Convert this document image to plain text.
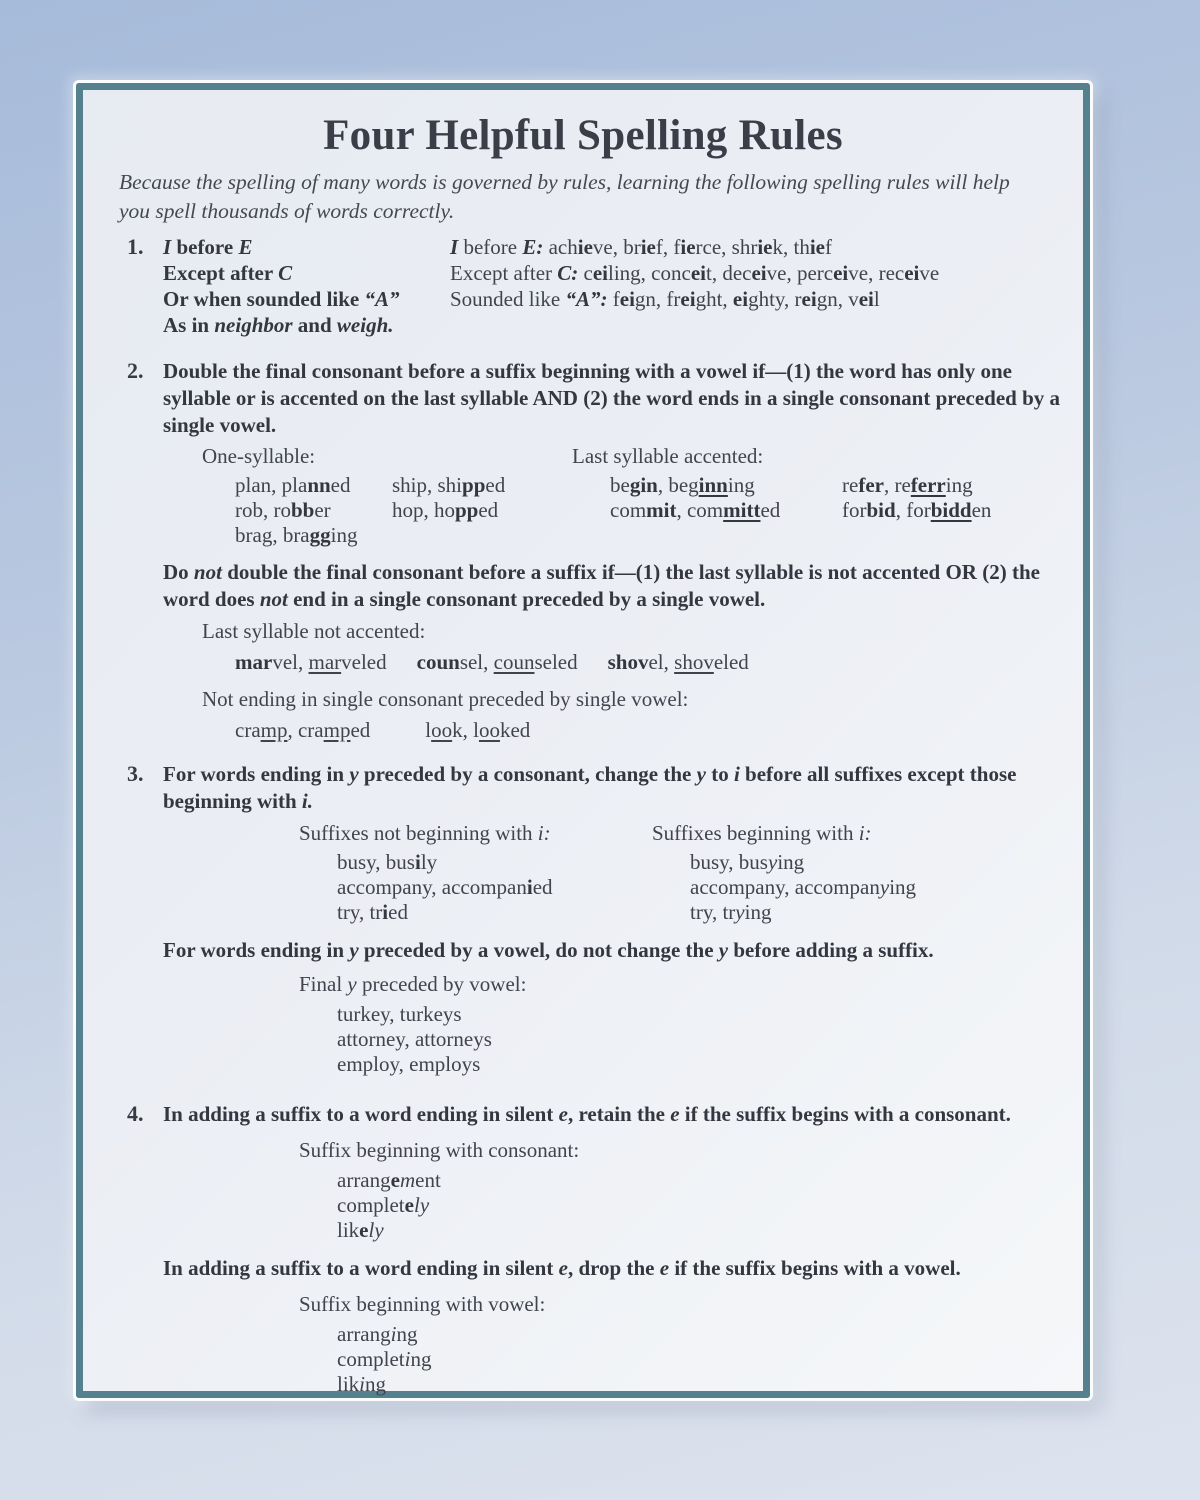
Four Helpful Spelling Rules

Because the spelling of many words is governed by rules, learning the following spelling rules will help you spell thousands of words correctly.

1. I before E
Except after C
Or when sounded like “A”
As in neighbor and weigh.
I before E: achieve, brief, fierce, shriek, thief
Except after C: ceiling, conceit, deceive, perceive, receive
Sounded like “A”: feign, freight, eighty, reign, veil
2. Double the final consonant before a suffix beginning with a vowel if—(1) the word has only one syllable or is accented on the last syllable AND (2) the word ends in a single consonant preceded by a single vowel.

One-syllable:	Last syllable accented:
plan, planned
rob, robber
brag, bragging
ship, shipped
hop, hopped
begin, beginning
commit, committed
refer, referring
forbid, forbidden

Do not double the final consonant before a suffix if—(1) the last syllable is not accented OR (2) the word does not end in a single consonant preceded by a single vowel.

Last syllable not accented:
marvel, marveled counsel, counseled shovel, shoveled
Not ending in single consonant preceded by single vowel:
cramp, cramped	look, looked
3. For words ending in y preceded by a consonant, change the y to i before all suffixes except those beginning with i.

Suffixes not beginning with i:
busy, busily
accompany, accompanied
try, tried
Suffixes beginning with i:
busy, busying
accompany, accompanying
try, trying

For words ending in y preceded by a vowel, do not change the y before adding a suffix.

Final y preceded by vowel:
turkey, turkeys
attorney, attorneys
employ, employs
4. In adding a suffix to a word ending in silent e, retain the e if the suffix begins with a consonant.

Suffix beginning with consonant:
arrangement
completely
likely

In adding a suffix to a word ending in silent e, drop the e if the suffix begins with a vowel.

Suffix beginning with vowel:
arranging
completing
liking
